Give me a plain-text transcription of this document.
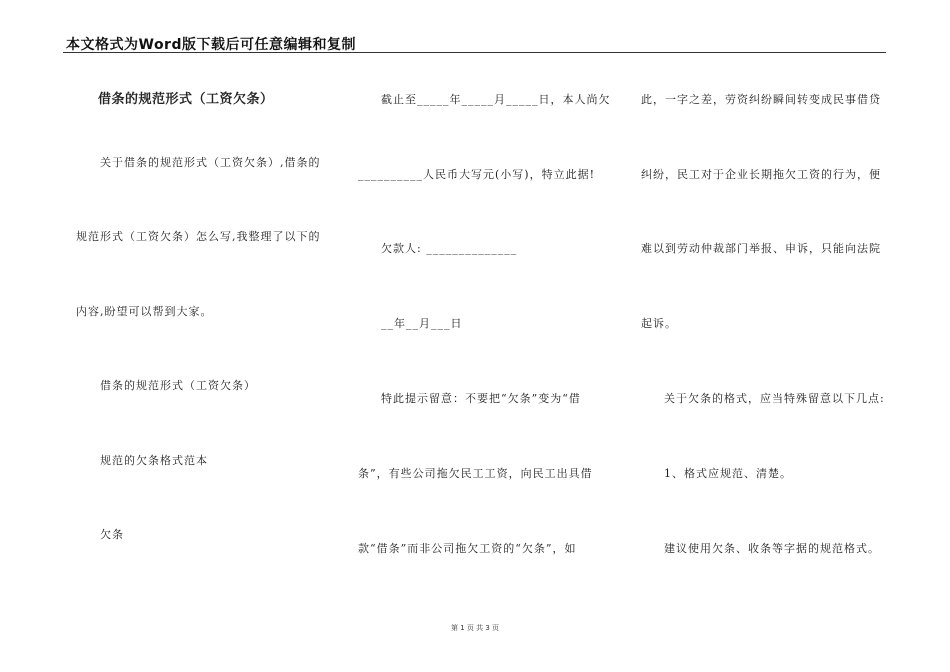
本文格式为Word版下载后可任意编辑和复制
借条的规范形式（工资欠条）
关于借条的规范形式（工资欠条）,借条的
规范形式（工资欠条）怎么写,我整理了以下的
内容,盼望可以帮到大家。
借条的规范形式（工资欠条）
规范的欠条格式范本
欠条
截止至_____年_____月_____日，本人尚欠
__________人民币大写元(小写)，特立此据!
欠款人: ______________
__年__月___日
特此提示留意：不要把“欠条”变为“借
条”，有些公司拖欠民工工资，向民工出具借
款“借条”而非公司拖欠工资的“欠条”，如
此，一字之差，劳资纠纷瞬间转变成民事借贷
纠纷，民工对于企业长期拖欠工资的行为，便
难以到劳动仲裁部门举报、申诉，只能向法院
起诉。
关于欠条的格式，应当特殊留意以下几点:
1、格式应规范、清楚。
建议使用欠条、收条等字据的规范格式。
第 1 页 共 3 页
